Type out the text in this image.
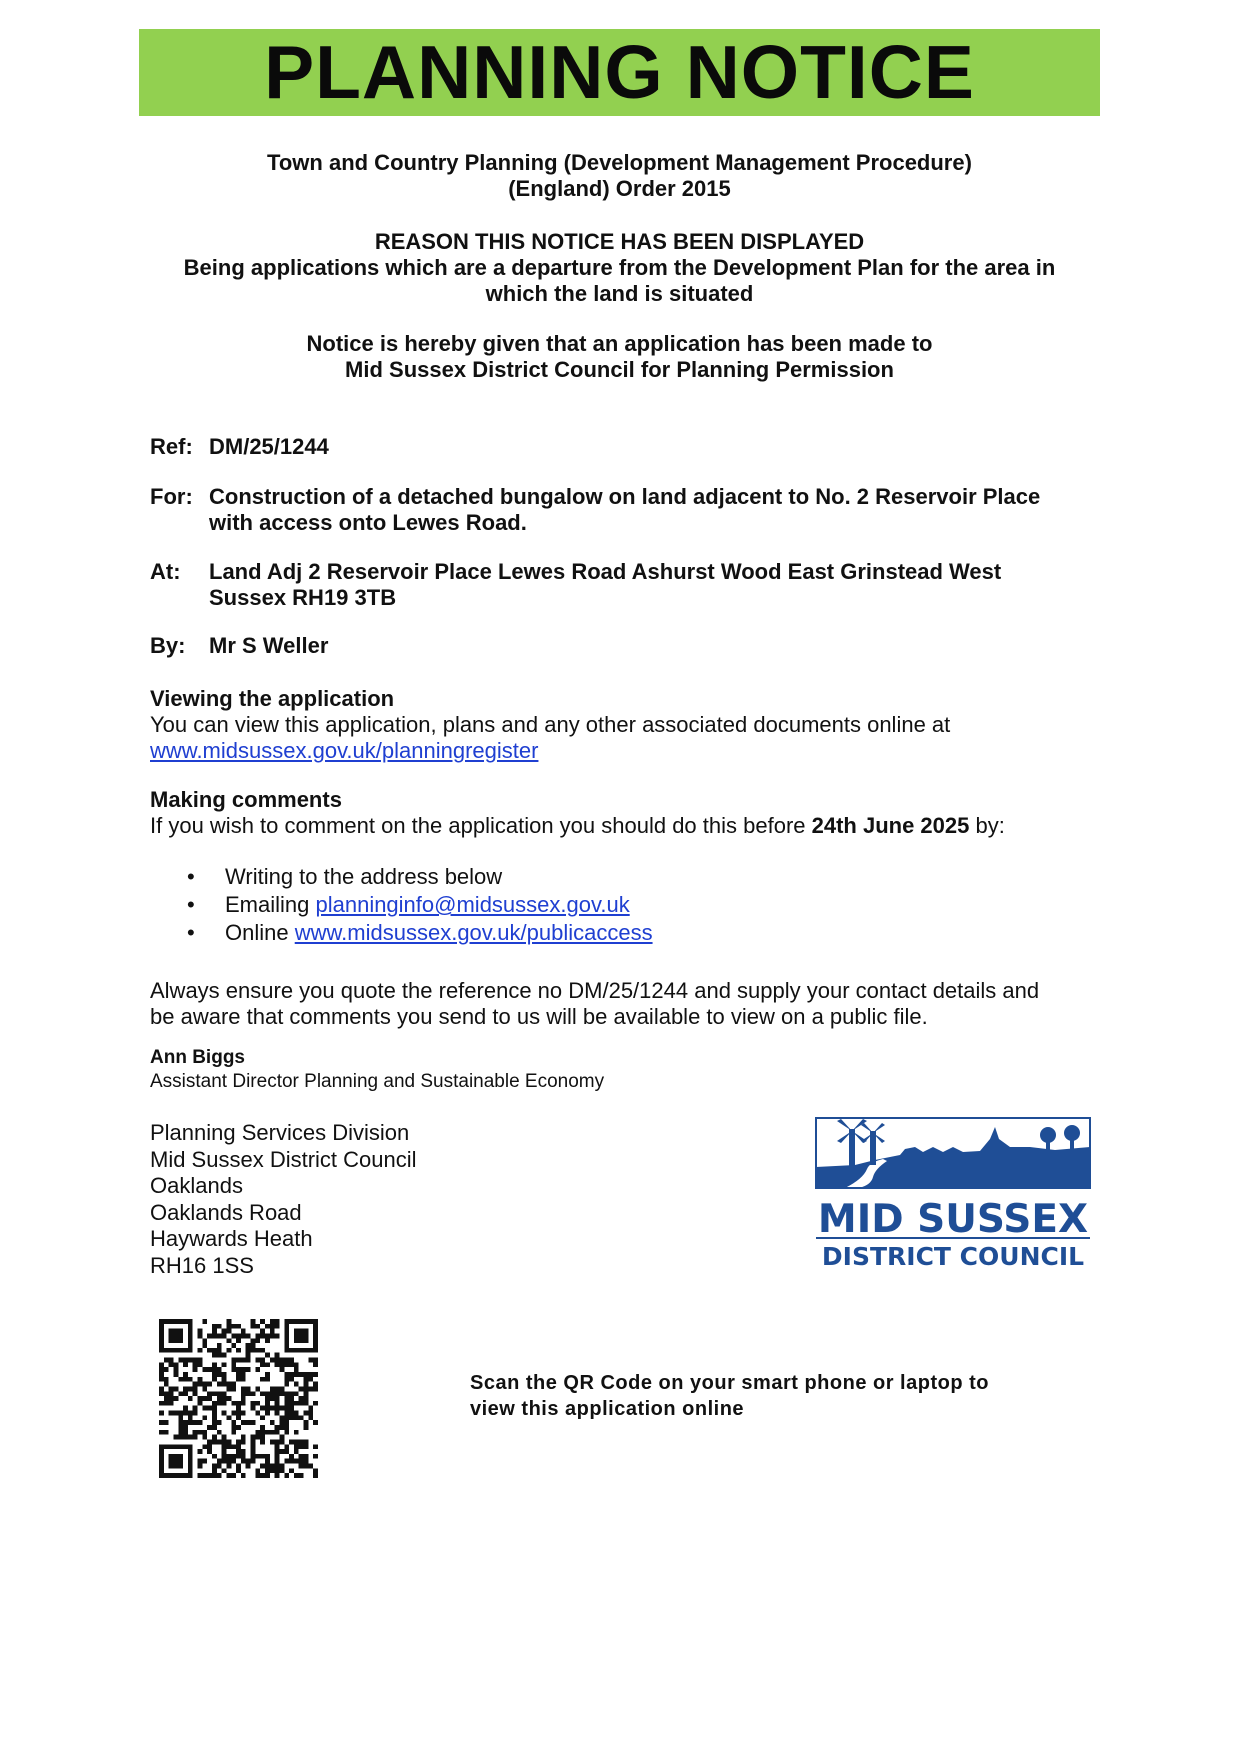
PLANNING NOTICE

Town and Country Planning (Development Management Procedure)

(England) Order 2015

REASON THIS NOTICE HAS BEEN DISPLAYED

Being applications which are a departure from the Development Plan for the area in

which the land is situated

Notice is hereby given that an application has been made to

Mid Sussex District Council for Planning Permission

Ref: DM/25/1244
For: Construction of a detached bungalow on land adjacent to No. 2 Reservoir Place with access onto Lewes Road.
At:	Land Adj 2 Reservoir Place Lewes Road Ashurst Wood East Grinstead West Sussex RH19 3TB
By:	Mr S Weller

Viewing the application

You can view this application, plans and any other associated documents online at

www.midsussex.gov.uk/planningregister

Making comments

If you wish to comment on the application you should do this before 24th June 2025 by:

• Writing to the address below
• Emailing planninginfo@midsussex.gov.uk
• Online www.midsussex.gov.uk/publicaccess

Always ensure you quote the reference no DM/25/1244 and supply your contact details and

be aware that comments you send to us will be available to view on a public file.

Ann Biggs

Assistant Director Planning and Sustainable Economy

Planning Services Division

Mid Sussex District Council

Oaklands

Oaklands Road

Haywards Heath

RH16 1SS

MID SUSSEX
DISTRICT COUNCIL

Scan the QR Code on your smart phone or laptop to

view this application online
